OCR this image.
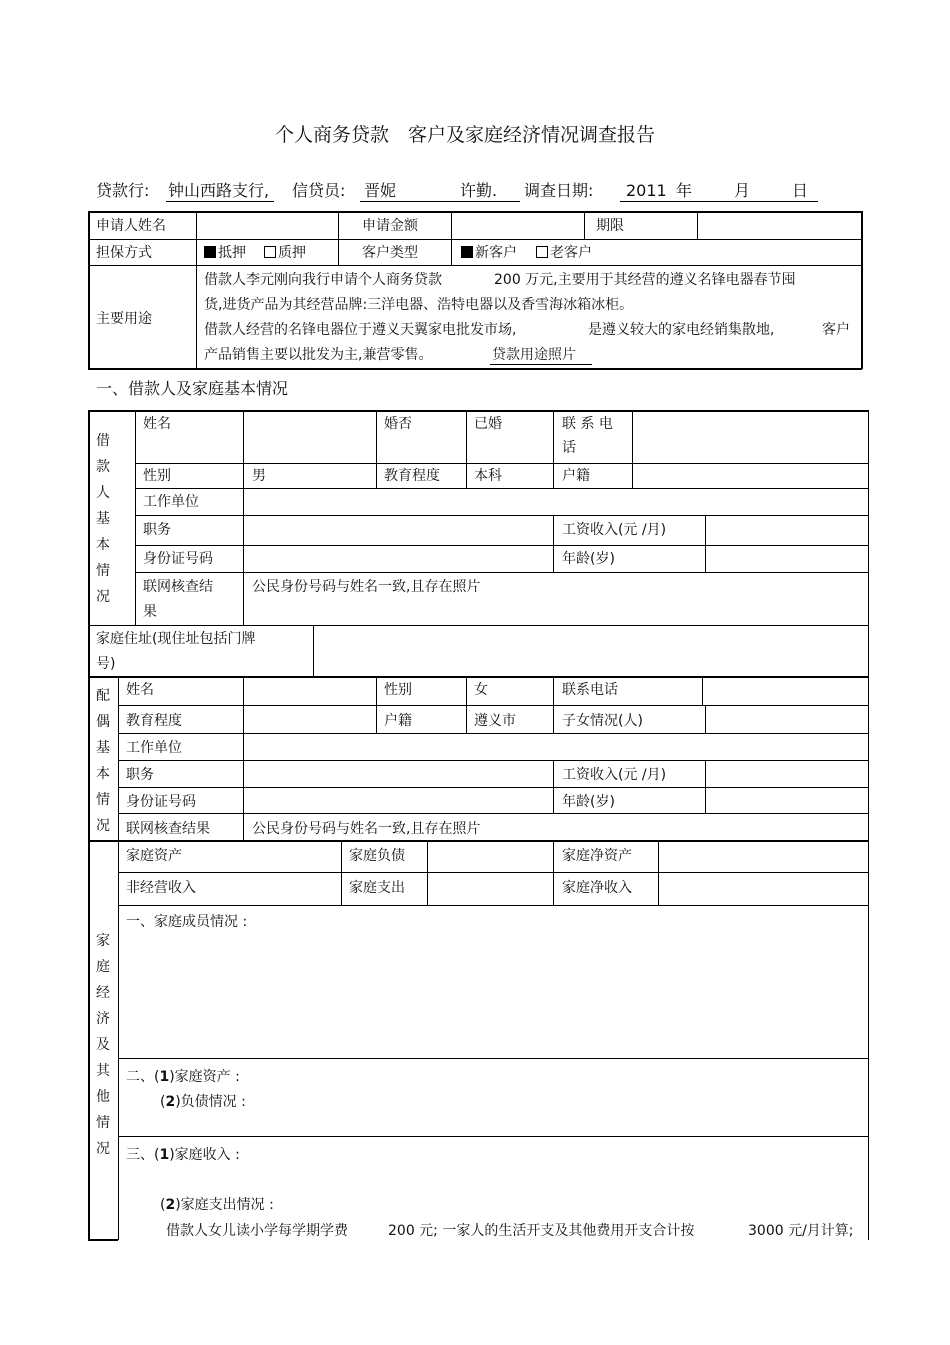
个人商务贷款　客户及家庭经济情况调查报告
贷款行: 钟山西路支行, 信贷员: 晋妮	许勤. 调查日期: 2011 年	月	日
申请人姓名	申请金额	期限
担保方式	抵押	质押	客户类型	新客户	老客户
主要用途
借款人李元刚向我行申请个人商务贷款	200 万元,主要用于其经营的遵义名锋电器春节囤
货,进货产品为其经营品牌:三洋电器、浩特电器以及香雪海冰箱冰柜。
借款人经营的名锋电器位于遵义天翼家电批发市场,	是遵义较大的家电经销集散地,	客户
产品销售主要以批发为主,兼营零售。	贷款用途照片
一、借款人及家庭基本情况
借款人基本情况
姓名	婚否	已婚	联 系 电
话
性别	男	教育程度 本科	户籍
工作单位
职务	工资收入(元 /月)
身份证号码	年龄(岁)
联网核查结
果
公民身份号码与姓名一致,且存在照片
家庭住址(现住址包括门牌
号)
配偶基本情况
姓名	性别	女	联系电话
教育程度	户籍	遵义市	子女情况(人)
工作单位
职务	工资收入(元 /月)
身份证号码	年龄(岁)
联网核查结果	公民身份号码与姓名一致,且存在照片
家庭经济及其他情况
家庭资产	家庭负债	家庭净资产
非经营收入	家庭支出	家庭净收入
一、家庭成员情况 :
二、(1)家庭资产 :
(2)负债情况 :
三、(1)家庭收入 :
(2)家庭支出情况 :
借款人女儿读小学每学期学费	200 元; 一家人的生活开支及其他费用开支合计按	3000 元/月计算;
